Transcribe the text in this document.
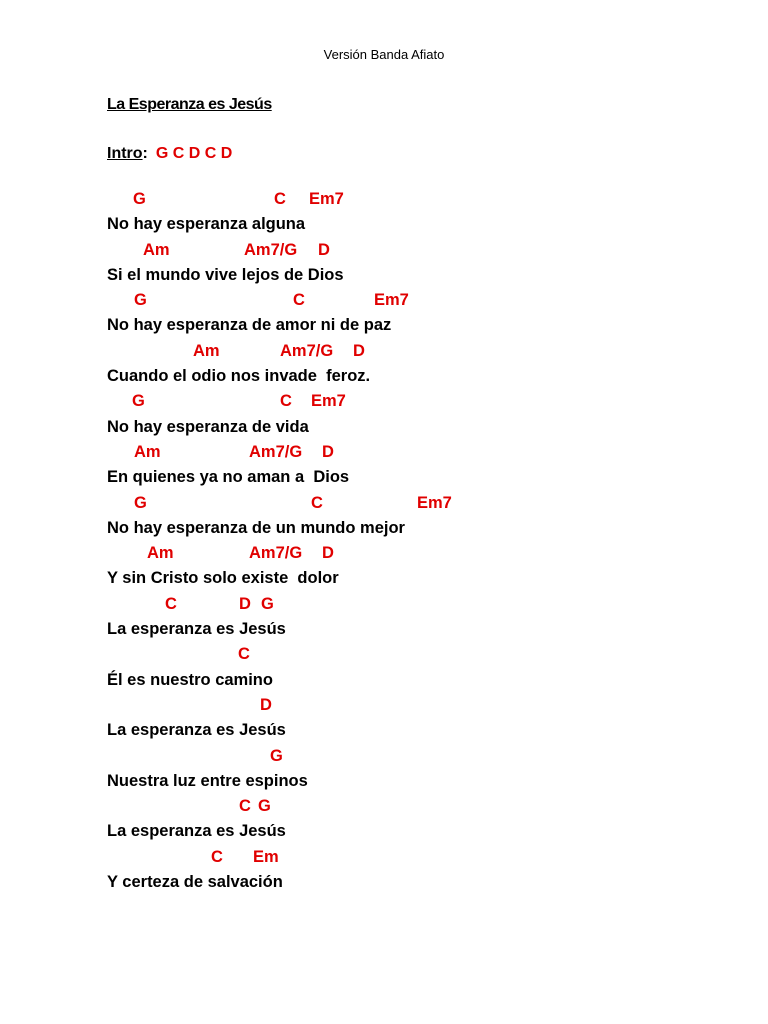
Versión Banda Afiato
La Esperanza es Jesús
Intro: G C D C D

G

	C

Em7

No hay esperanza alguna

Am

	Am7/G

D

Si el mundo vive lejos de Dios

G

	C

	Em7

No hay esperanza de amor ni de paz

Am

	Am7/G

D

Cuando el odio nos invade  feroz.

G

	C

Em7

No hay esperanza de vida

Am

	Am7/G

D

En quienes ya no aman a  Dios

G

	C

	Em7

No hay esperanza de un mundo mejor

Am

	Am7/G

D

Y sin Cristo solo existe  dolor

C

	D

G

La esperanza es Jesús

C

Él es nuestro camino

D

La esperanza es Jesús

G

Nuestra luz entre espinos

C

G

La esperanza es Jesús

C

Em

Y certeza de salvación
